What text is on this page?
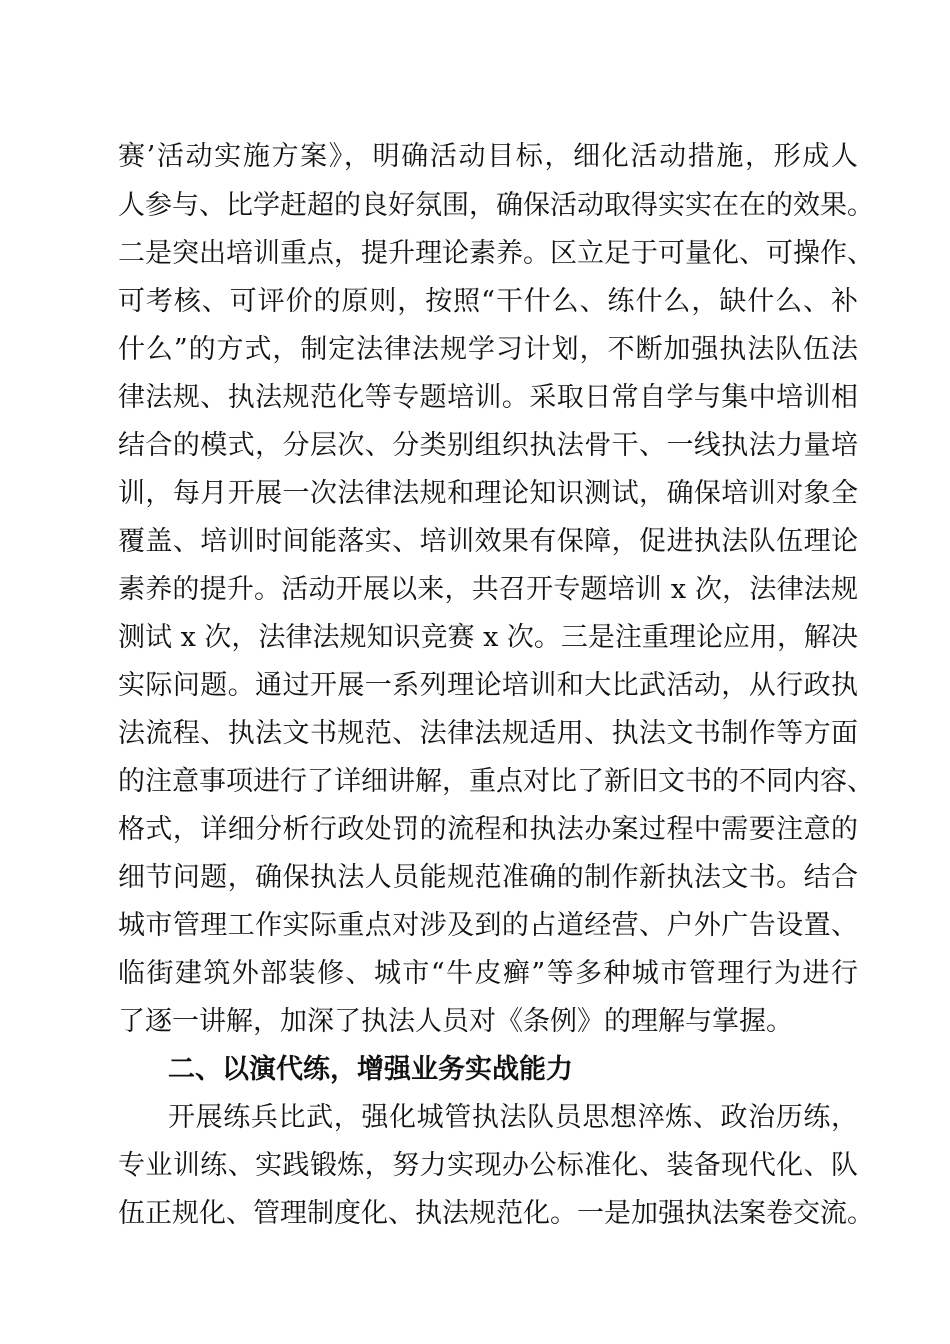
赛’活动实施方案》，明确活动目标，细化活动措施，形成人
人参与、比学赶超的良好氛围，确保活动取得实实在在的效果。
二是突出培训重点，提升理论素养。区立足于可量化、可操作、
可考核、可评价的原则，按照“干什么、练什么，缺什么、补
什么”的方式，制定法律法规学习计划，不断加强执法队伍法
律法规、执法规范化等专题培训。采取日常自学与集中培训相
结合的模式，分层次、分类别组织执法骨干、一线执法力量培
训，每月开展一次法律法规和理论知识测试，确保培训对象全
覆盖、培训时间能落实、培训效果有保障，促进执法队伍理论
素养的提升。活动开展以来，共召开专题培训 x 次，法律法规
测试 x 次，法律法规知识竞赛 x 次。三是注重理论应用，解决
实际问题。通过开展一系列理论培训和大比武活动，从行政执
法流程、执法文书规范、法律法规适用、执法文书制作等方面
的注意事项进行了详细讲解，重点对比了新旧文书的不同内容、
格式，详细分析行政处罚的流程和执法办案过程中需要注意的
细节问题，确保执法人员能规范准确的制作新执法文书。结合
城市管理工作实际重点对涉及到的占道经营、户外广告设置、
临街建筑外部装修、城市“牛皮癣”等多种城市管理行为进行
了逐一讲解，加深了执法人员对《条例》的理解与掌握。
二、以演代练，增强业务实战能力
开展练兵比武，强化城管执法队员思想淬炼、政治历练，
专业训练、实践锻炼，努力实现办公标准化、装备现代化、队
伍正规化、管理制度化、执法规范化。一是加强执法案卷交流。
